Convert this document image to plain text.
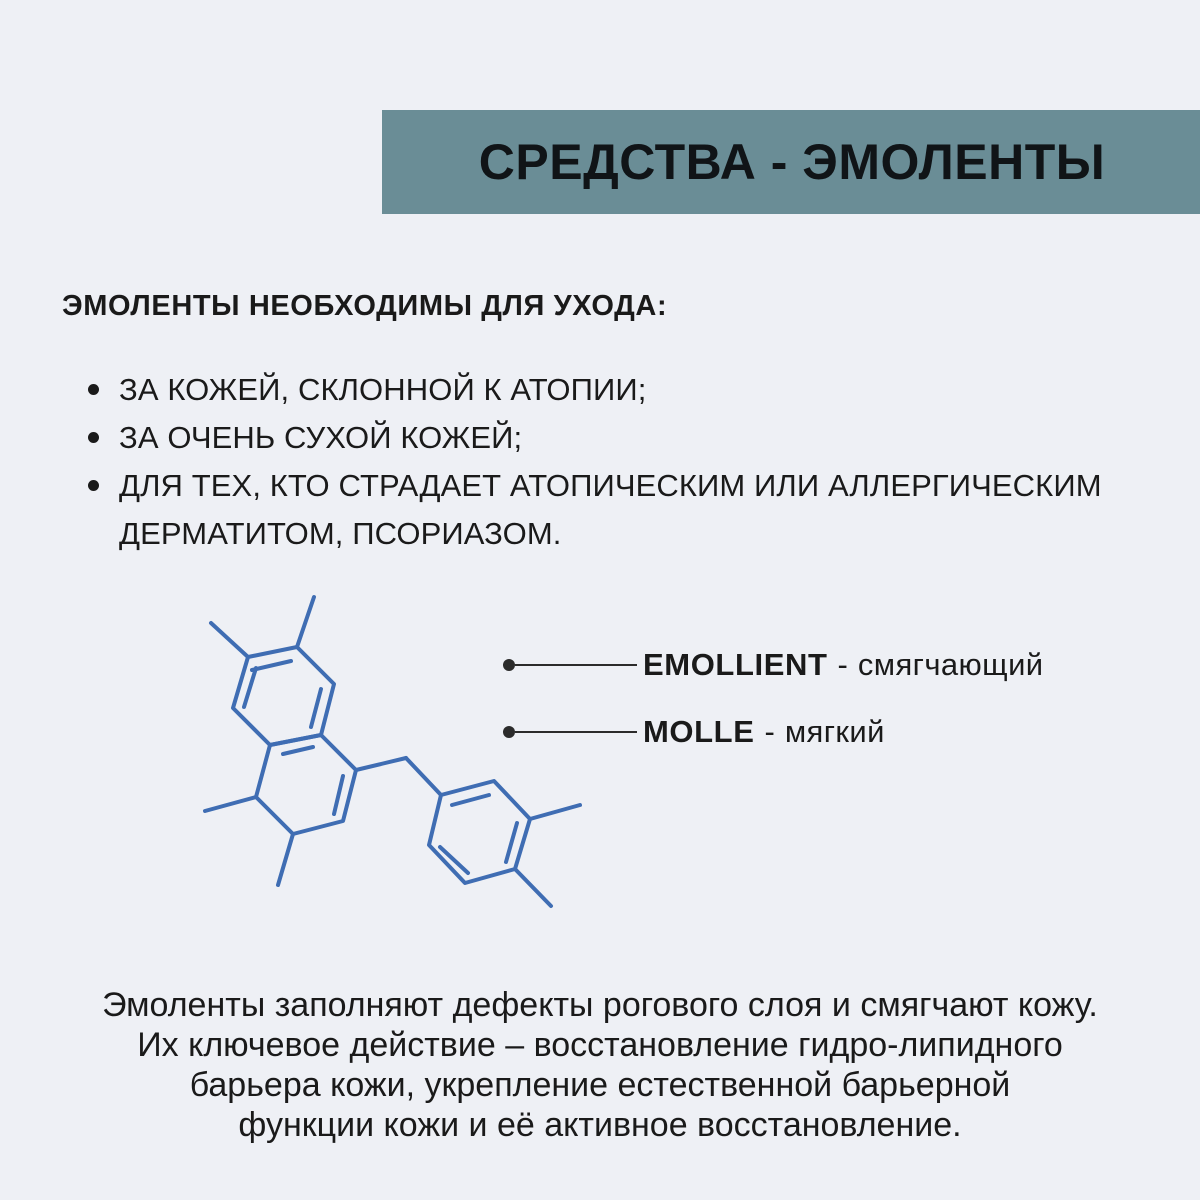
СРЕДСТВА - ЭМОЛЕНТЫ
ЭМОЛЕНТЫ НЕОБХОДИМЫ ДЛЯ УХОДА:
ЗА КОЖЕЙ, СКЛОННОЙ К АТОПИИ;
ЗА ОЧЕНЬ СУХОЙ КОЖЕЙ;
ДЛЯ ТЕХ, КТО СТРАДАЕТ АТОПИЧЕСКИМ ИЛИ АЛЛЕРГИЧЕСКИМ
ДЕРМАТИТОМ, ПСОРИАЗОМ.
EMOLLIENT - смягчающий
MOLLE - мягкий
Эмоленты заполняют дефекты рогового слоя и смягчают кожу.
Их ключевое действие – восстановление гидро-липидного
барьера кожи, укрепление естественной барьерной
функции кожи и её активное восстановление.
